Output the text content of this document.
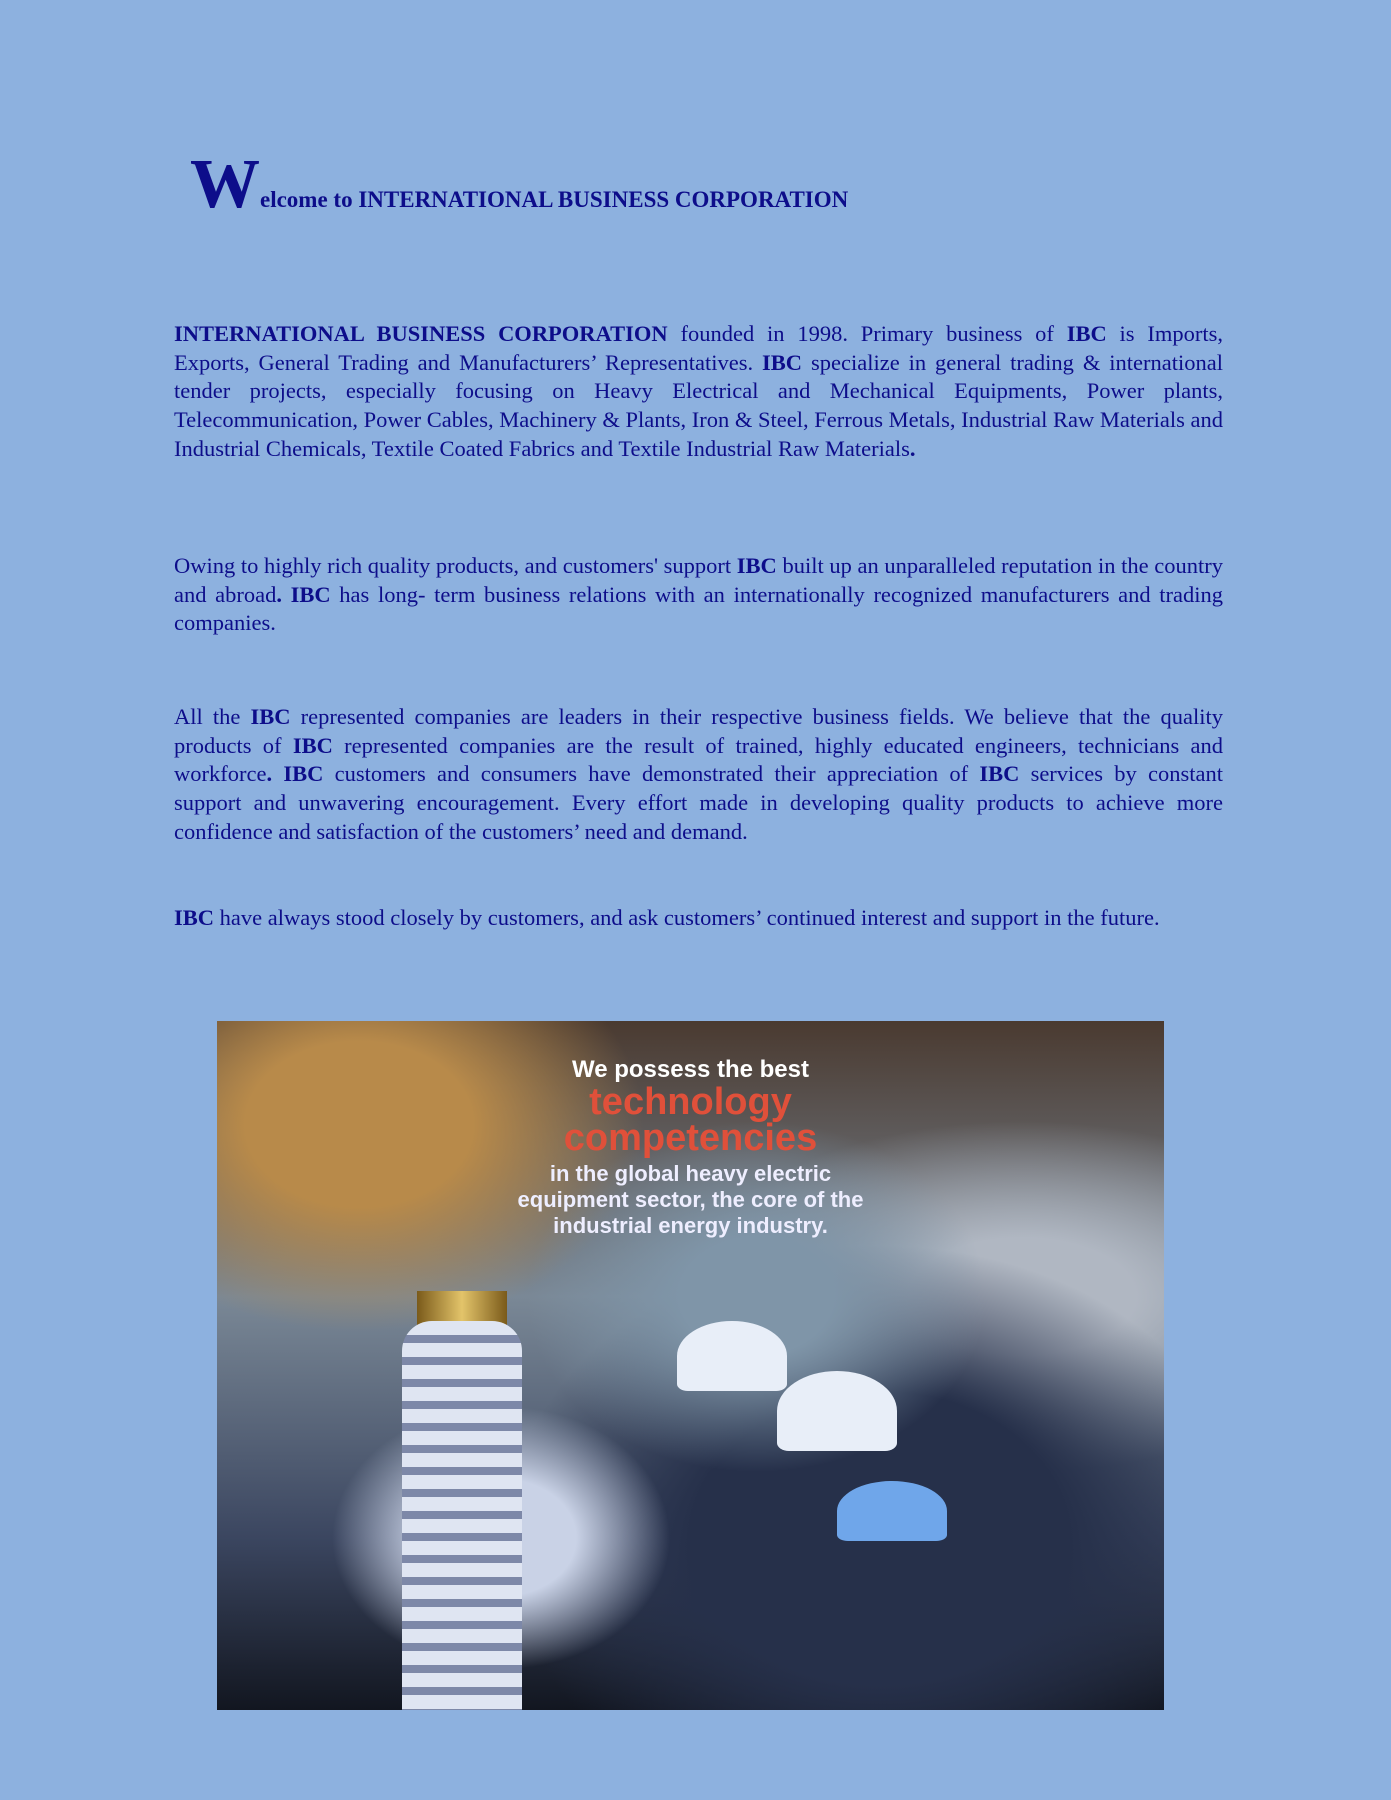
Welcome to INTERNATIONAL BUSINESS CORPORATION

INTERNATIONAL BUSINESS CORPORATION founded in 1998. Primary business of IBC is Imports, Exports, General Trading and Manufacturers’ Representatives. IBC specialize in general trading & international tender projects, especially focusing on Heavy Electrical and Mechanical Equipments, Power plants, Telecommunication, Power Cables, Machinery & Plants, Iron & Steel, Ferrous Metals, Industrial Raw Materials and Industrial Chemicals, Textile Coated Fabrics and Textile Industrial Raw Materials.

Owing to highly rich quality products, and customers' support IBC built up an unparalleled reputation in the country and abroad. IBC has long- term business relations with an internationally recognized manufacturers and trading companies.

All the IBC represented companies are leaders in their respective business fields. We believe that the quality products of IBC represented companies are the result of trained, highly educated engineers, technicians and workforce. IBC customers and consumers have demonstrated their appreciation of IBC services by constant support and unwavering encouragement. Every effort made in developing quality products to achieve more confidence and satisfaction of the customers’ need and demand.

IBC have always stood closely by customers, and ask customers’ continued interest and support in the future.

We possess the best
technology
competencies
in the global heavy electric
equipment sector, the core of the
industrial energy industry.
